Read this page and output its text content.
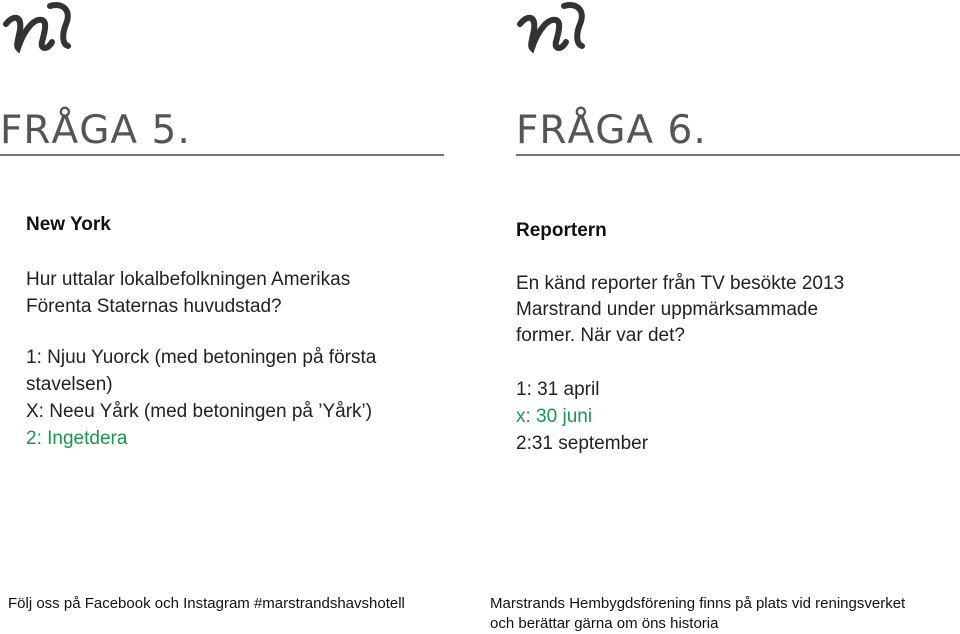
FRÅGA 5.
New York

Hur uttalar lokalbefolkningen Amerikas

Förenta Staternas huvudstad?

1: Njuu Yuorck (med betoningen på första

stavelsen)

X: Neeu Yårk (med betoningen på ’Yårk’)

2: Ingetdera

Följ oss på Facebook och Instagram #marstrandshavshotell
FRÅGA 6.
Reportern

En känd reporter från TV besökte 2013

Marstrand under uppmärksammade

former. När var det?

1: 31 april

x: 30 juni

2:31 september

Marstrands Hembygdsförening finns på plats vid reningsverket
och berättar gärna om öns historia
